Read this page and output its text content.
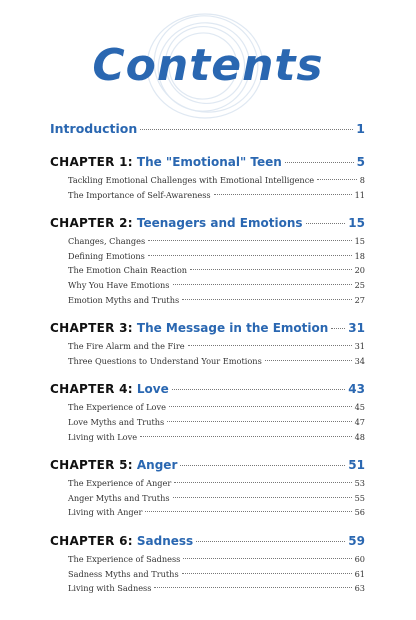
Contents
Introduction	1
CHAPTER 1: The "Emotional" Teen	5
Tackling Emotional Challenges with Emotional Intelligence	8
The Importance of Self-Awareness	11
CHAPTER 2: Teenagers and Emotions	15
Changes, Changes	15
Defining Emotions	18
The Emotion Chain Reaction	20
Why You Have Emotions	25
Emotion Myths and Truths	27
CHAPTER 3: The Message in the Emotion 31
The Fire Alarm and the Fire	31
Three Questions to Understand Your Emotions	34
CHAPTER 4: Love	43
The Experience of Love	45
Love Myths and Truths	47
Living with Love	48
CHAPTER 5: Anger	51
The Experience of Anger	53
Anger Myths and Truths	55
Living with Anger	56
CHAPTER 6: Sadness	59
The Experience of Sadness	60
Sadness Myths and Truths	61
Living with Sadness	63
